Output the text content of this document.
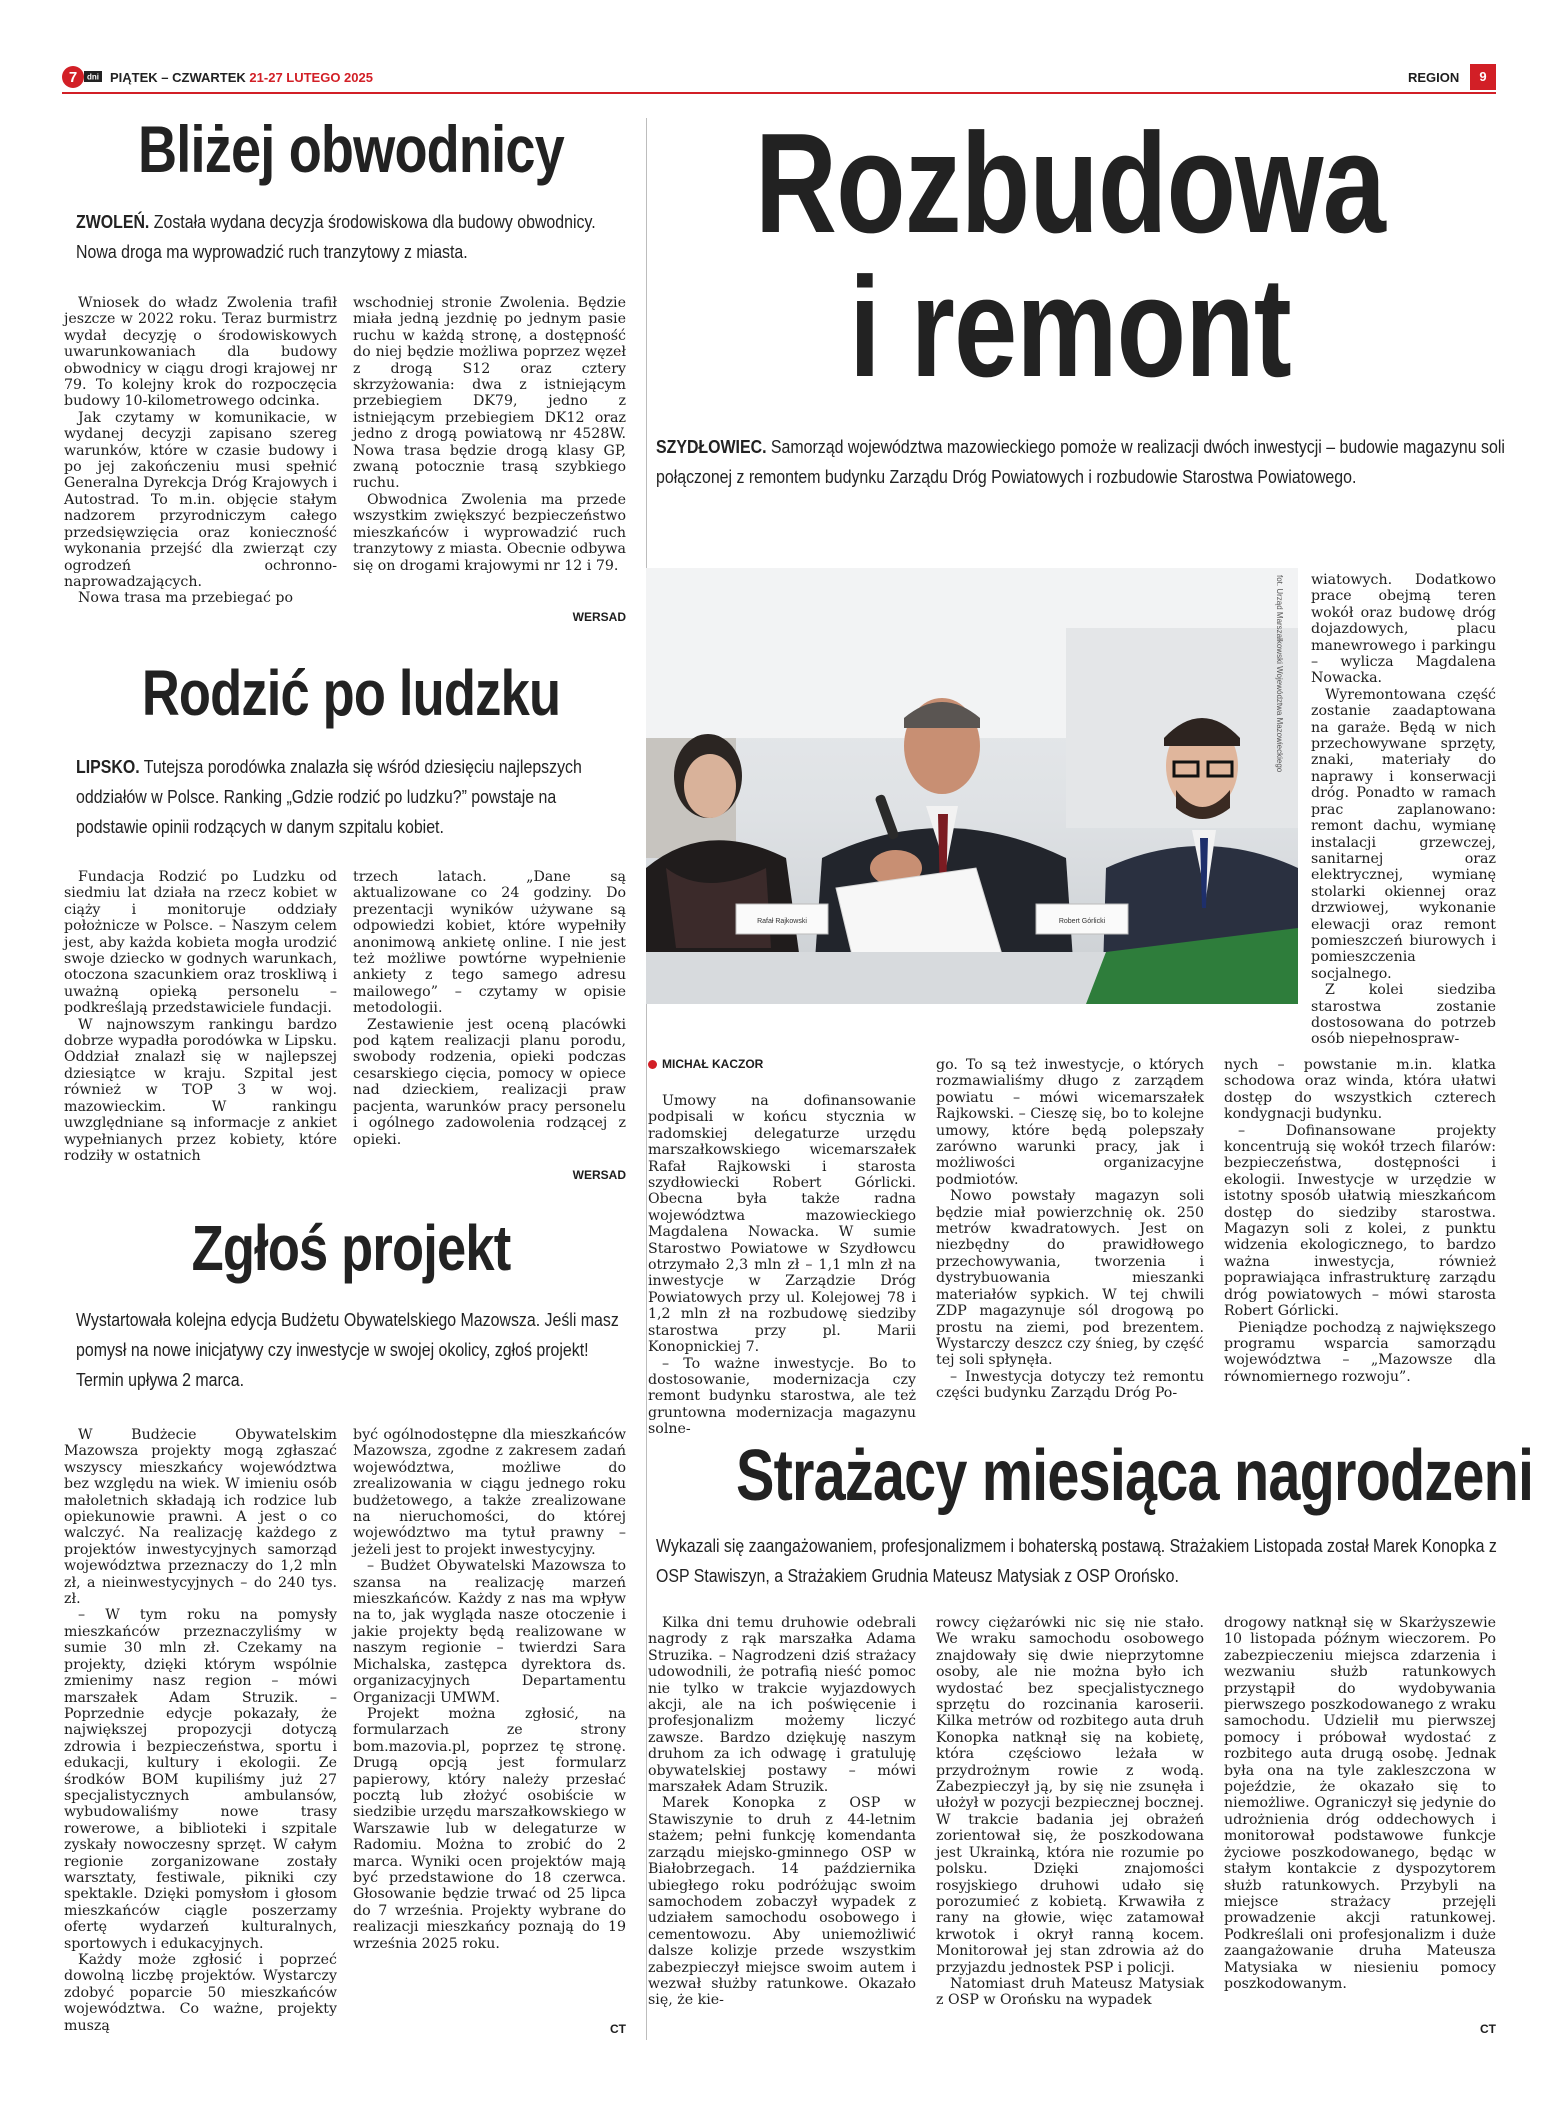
7 dni PIĄTEK – CZWARTEK 21-27 LUTEGO 2025	REGION	9
Bliżej obwodnicy
ZWOLEŃ. Została wydana decyzja środowiskowa dla budowy obwodnicy. Nowa droga ma wyprowadzić ruch tranzytowy z miasta.

Wniosek do władz Zwolenia trafił jeszcze w 2022 roku. Teraz burmistrz wydał decyzję o środowiskowych uwarunkowaniach dla budowy obwodnicy w ciągu drogi krajowej nr 79. To kolejny krok do rozpoczęcia budowy 10-kilometrowego odcinka.

Jak czytamy w komunikacie, w wydanej decyzji zapisano szereg warunków, które w czasie budowy i po jej zakończeniu musi spełnić Generalna Dyrekcja Dróg Krajowych i Autostrad. To m.in. objęcie stałym nadzorem przyrodniczym całego przedsięwzięcia oraz konieczność wykonania przejść dla zwierząt czy ogrodzeń ochronno-naprowadzających.

Nowa trasa ma przebiegać po

wschodniej stronie Zwolenia. Będzie miała jedną jezdnię po jednym pasie ruchu w każdą stronę, a dostępność do niej będzie możliwa poprzez węzeł z drogą S12 oraz cztery skrzyżowania: dwa z istniejącym przebiegiem DK79, jedno z istniejącym przebiegiem DK12 oraz jedno z drogą powiatową nr 4528W. Nowa trasa będzie drogą klasy GP, zwaną potocznie trasą szybkiego ruchu.

Obwodnica Zwolenia ma przede wszystkim zwiększyć bezpieczeństwo mieszkańców i wyprowadzić ruch tranzytowy z miasta. Obecnie odbywa się on drogami krajowymi nr 12 i 79.

WERSAD
Rodzić po ludzku
LIPSKO. Tutejsza porodówka znalazła się wśród dziesięciu najlepszych oddziałów w Polsce. Ranking „Gdzie rodzić po ludzku?” powstaje na podstawie opinii rodzących w danym szpitalu kobiet.

Fundacja Rodzić po Ludzku od siedmiu lat działa na rzecz kobiet w ciąży i monitoruje oddziały położnicze w Polsce. – Naszym celem jest, aby każda kobieta mogła urodzić swoje dziecko w godnych warunkach, otoczona szacunkiem oraz troskliwą i uważną opieką personelu – podkreślają przedstawiciele fundacji.

W najnowszym rankingu bardzo dobrze wypadła porodówka w Lipsku. Oddział znalazł się w najlepszej dziesiątce w kraju. Szpital jest również w TOP 3 w woj. mazowieckim. W rankingu uwzględniane są informacje z ankiet wypełnianych przez kobiety, które rodziły w ostatnich

trzech latach. „Dane są aktualizowane co 24 godziny. Do prezentacji wyników używane są odpowiedzi kobiet, które wypełniły anonimową ankietę online. I nie jest też możliwe powtórne wypełnienie ankiety z tego samego adresu mailowego” – czytamy w opisie metodologii.

Zestawienie jest oceną placówki pod kątem realizacji planu porodu, swobody rodzenia, opieki podczas cesarskiego cięcia, pomocy w opiece nad dzieckiem, realizacji praw pacjenta, warunków pracy personelu i ogólnego zadowolenia rodzącej z opieki.

WERSAD
Zgłoś projekt
Wystartowała kolejna edycja Budżetu Obywatelskiego Mazowsza. Jeśli masz pomysł na nowe inicjatywy czy inwestycje w swojej okolicy, zgłoś projekt! Termin upływa 2 marca.

W Budżecie Obywatelskim Mazowsza projekty mogą zgłaszać wszyscy mieszkańcy województwa bez względu na wiek. W imieniu osób małoletnich składają ich rodzice lub opiekunowie prawni. A jest o co walczyć. Na realizację każdego z projektów inwestycyjnych samorząd województwa przeznaczy do 1,2 mln zł, a nieinwestycyjnych – do 240 tys. zł.

– W tym roku na pomysły mieszkańców przeznaczyliśmy w sumie 30 mln zł. Czekamy na projekty, dzięki którym wspólnie zmienimy nasz region – mówi marszałek Adam Struzik. – Poprzednie edycje pokazały, że największej propozycji dotyczą zdrowia i bezpieczeństwa, sportu i edukacji, kultury i ekologii. Ze środków BOM kupiliśmy już 27 specjalistycznych ambulansów, wybudowaliśmy nowe trasy rowerowe, a biblioteki i szpitale zyskały nowoczesny sprzęt. W całym regionie zorganizowane zostały warsztaty, festiwale, pikniki czy spektakle. Dzięki pomysłom i głosom mieszkańców ciągle poszerzamy ofertę wydarzeń kulturalnych, sportowych i edukacyjnych.

Każdy może zgłosić i poprzeć dowolną liczbę projektów. Wystarczy zdobyć poparcie 50 mieszkańców województwa. Co ważne, projekty muszą

być ogólnodostępne dla mieszkańców Mazowsza, zgodne z zakresem zadań województwa, możliwe do zrealizowania w ciągu jednego roku budżetowego, a także zrealizowane na nieruchomości, do której województwo ma tytuł prawny – jeżeli jest to projekt inwestycyjny.

– Budżet Obywatelski Mazowsza to szansa na realizację marzeń mieszkańców. Każdy z nas ma wpływ na to, jak wygląda nasze otoczenie i jakie projekty będą realizowane w naszym regionie – twierdzi Sara Michalska, zastępca dyrektora ds. organizacyjnych Departamentu Organizacji UMWM.

Projekt można zgłosić, na formularzach ze strony bom.mazovia.pl, poprzez tę stronę. Drugą opcją jest formularz papierowy, który należy przesłać pocztą lub złożyć osobiście w siedzibie urzędu marszałkowskiego w Warszawie lub w delegaturze w Radomiu. Można to zrobić do 2 marca. Wyniki ocen projektów mają być przedstawione do 18 czerwca. Głosowanie będzie trwać od 25 lipca do 7 września. Projekty wybrane do realizacji mieszkańcy poznają do 19 września 2025 roku.

CT
Rozbudowa
i remont
SZYDŁOWIEC. Samorząd województwa mazowieckiego pomoże w realizacji dwóch inwestycji – budowie magazynu soli połączonej z remontem budynku Zarządu Dróg Powiatowych i rozbudowie Starostwa Powiatowego.
Rafał Rajkowski	Robert Górlicki
fot. Urząd Marszałkowski Województwa Mazowieckiego wiatowych. Dodatkowo prace obejmą teren wokół oraz budowę dróg dojazdowych, placu manewrowego i parkingu – wylicza Magdalena Nowacka.

Wyremontowana część zostanie zaadaptowana na garaże. Będą w nich przechowywane sprzęty, znaki, materiały do naprawy i konserwacji dróg. Ponadto w ramach prac zaplanowano: remont dachu, wymianę instalacji grzewczej, sanitarnej oraz elektrycznej, wymianę stolarki okiennej oraz drzwiowej, wykonanie elewacji oraz remont pomieszczeń biurowych i pomieszczenia socjalnego.

Z kolei siedziba starostwa zostanie dostosowana do potrzeb osób niepełnospraw-

MICHAŁ KACZOR

Umowy na dofinansowanie podpisali w końcu stycznia w radomskiej delegaturze urzędu marszałkowskiego wicemarszałek Rafał Rajkowski i starosta szydłowiecki Robert Górlicki. Obecna była także radna województwa mazowieckiego Magdalena Nowacka. W sumie Starostwo Powiatowe w Szydłowcu otrzymało 2,3 mln zł – 1,1 mln zł na inwestycje w Zarządzie Dróg Powiatowych przy ul. Kolejowej 78 i 1,2 mln zł na rozbudowę siedziby starostwa przy pl. Marii Konopnickiej 7.

– To ważne inwestycje. Bo to dostosowanie, modernizacja czy remont budynku starostwa, ale też gruntowna modernizacja magazynu solne-

go. To są też inwestycje, o których rozmawialiśmy długo z zarządem powiatu – mówi wicemarszałek Rajkowski. – Cieszę się, bo to kolejne umowy, które będą polepszały zarówno warunki pracy, jak i możliwości organizacyjne podmiotów.

Nowo powstały magazyn soli będzie miał powierzchnię ok. 250 metrów kwadratowych. Jest on niezbędny do prawidłowego przechowywania, tworzenia i dystrybuowania mieszanki materiałów sypkich. W tej chwili ZDP magazynuje sól drogową po prostu na ziemi, pod brezentem. Wystarczy deszcz czy śnieg, by część tej soli spłynęła.

– Inwestycja dotyczy też remontu części budynku Zarządu Dróg Po-

nych – powstanie m.in. klatka schodowa oraz winda, która ułatwi dostęp do wszystkich czterech kondygnacji budynku.

– Dofinansowane projekty koncentrują się wokół trzech filarów: bezpieczeństwa, dostępności i ekologii. Inwestycje w urzędzie w istotny sposób ułatwią mieszkańcom dostęp do siedziby starostwa. Magazyn soli z kolei, z punktu widzenia ekologicznego, to bardzo ważna inwestycja, również poprawiająca infrastrukturę zarządu dróg powiatowych – mówi starosta Robert Górlicki.

Pieniądze pochodzą z największego programu wsparcia samorządu województwa – „Mazowsze dla równomiernego rozwoju”.

Strażacy miesiąca nagrodzeni
Wykazali się zaangażowaniem, profesjonalizmem i bohaterską postawą. Strażakiem Listopada został Marek Konopka z OSP Stawiszyn, a Strażakiem Grudnia Mateusz Matysiak z OSP Orońsko.

Kilka dni temu druhowie odebrali nagrody z rąk marszałka Adama Struzika. – Nagrodzeni dziś strażacy udowodnili, że potrafią nieść pomoc nie tylko w trakcie wyjazdowych akcji, ale na ich poświęcenie i profesjonalizm możemy liczyć zawsze. Bardzo dziękuję naszym druhom za ich odwagę i gratuluję obywatelskiej postawy – mówi marszałek Adam Struzik.

Marek Konopka z OSP w Stawiszynie to druh z 44-letnim stażem; pełni funkcję komendanta zarządu miejsko-gminnego OSP w Białobrzegach. 14 października ubiegłego roku podróżując swoim samochodem zobaczył wypadek z udziałem samochodu osobowego i cementowozu. Aby uniemożliwić dalsze kolizje przede wszystkim zabezpieczył miejsce swoim autem i wezwał służby ratunkowe. Okazało się, że kie-

rowcy ciężarówki nic się nie stało. We wraku samochodu osobowego znajdowały się dwie nieprzytomne osoby, ale nie można było ich wydostać bez specjalistycznego sprzętu do rozcinania karoserii. Kilka metrów od rozbitego auta druh Konopka natknął się na kobietę, która częściowo leżała w przydrożnym rowie z wodą. Zabezpieczył ją, by się nie zsunęła i ułożył w pozycji bezpiecznej bocznej. W trakcie badania jej obrażeń zorientował się, że poszkodowana jest Ukrainką, która nie rozumie po polsku. Dzięki znajomości rosyjskiego druhowi udało się porozumieć z kobietą. Krwawiła z rany na głowie, więc zatamował krwotok i okrył ranną kocem. Monitorował jej stan zdrowia aż do przyjazdu jednostek PSP i policji.

Natomiast druh Mateusz Matysiak z OSP w Orońsku na wypadek

drogowy natknął się w Skarżyszewie 10 listopada późnym wieczorem. Po zabezpieczeniu miejsca zdarzenia i wezwaniu służb ratunkowych przystąpił do wydobywania pierwszego poszkodowanego z wraku samochodu. Udzielił mu pierwszej pomocy i próbował wydostać z rozbitego auta drugą osobę. Jednak była ona na tyle zakleszczona w pojeździe, że okazało się to niemożliwe. Ograniczył się jedynie do udrożnienia dróg oddechowych i monitorował podstawowe funkcje życiowe poszkodowanego, będąc w stałym kontakcie z dyspozytorem służb ratunkowych. Przybyli na miejsce strażacy przejęli prowadzenie akcji ratunkowej. Podkreślali oni profesjonalizm i duże zaangażowanie druha Mateusza Matysiaka w niesieniu pomocy poszkodowanym.

CT
